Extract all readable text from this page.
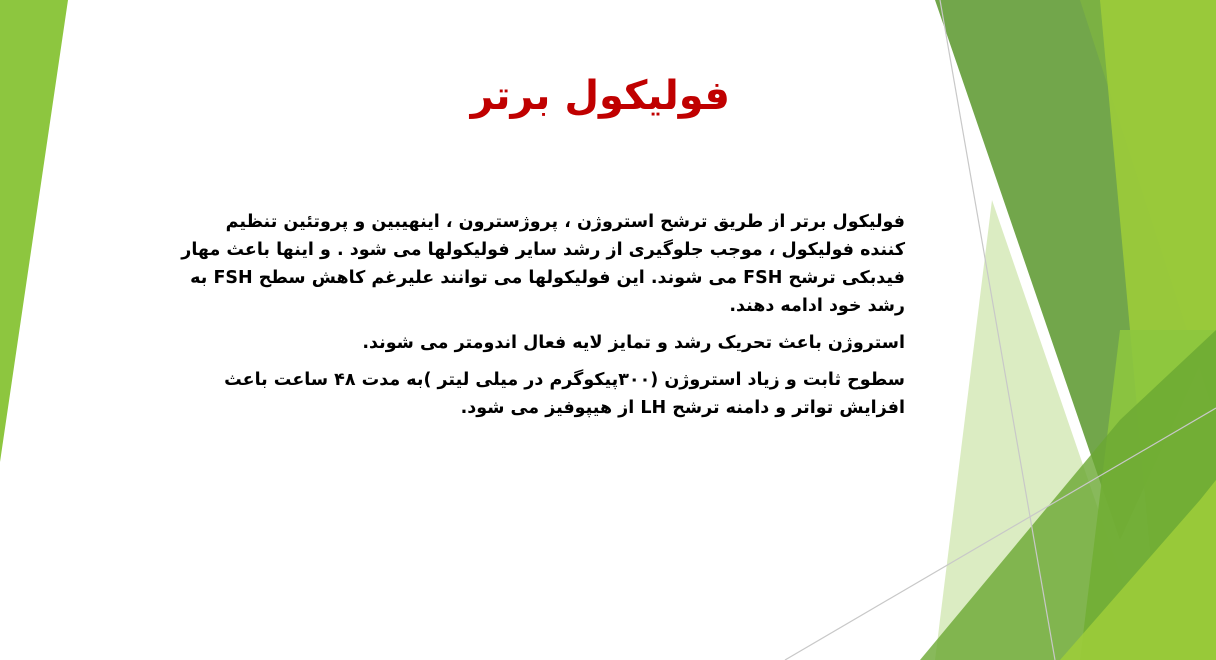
فولیکول برتر

فولیکول برتر از طریق ترشح استروژن ، پروژسترون ، اینهیبین و پروتئین تنظیم کننده فولیکول ، موجب جلوگیری از رشد سایر فولیکولها می شود . و اینها باعث مهار فیدبکی ترشح FSH می شوند. این فولیکولها می توانند علیرغم کاهش سطح FSH به رشد خود ادامه دهند.

استروژن باعث تحریک رشد و تمایز لایه فعال اندومتر می شوند.

سطوح ثابت و زیاد استروژن (۳۰۰پیکوگرم در میلی لیتر )به مدت ۴۸ ساعت باعث افزایش تواتر و دامنه ترشح LH از هیپوفیز می شود.
